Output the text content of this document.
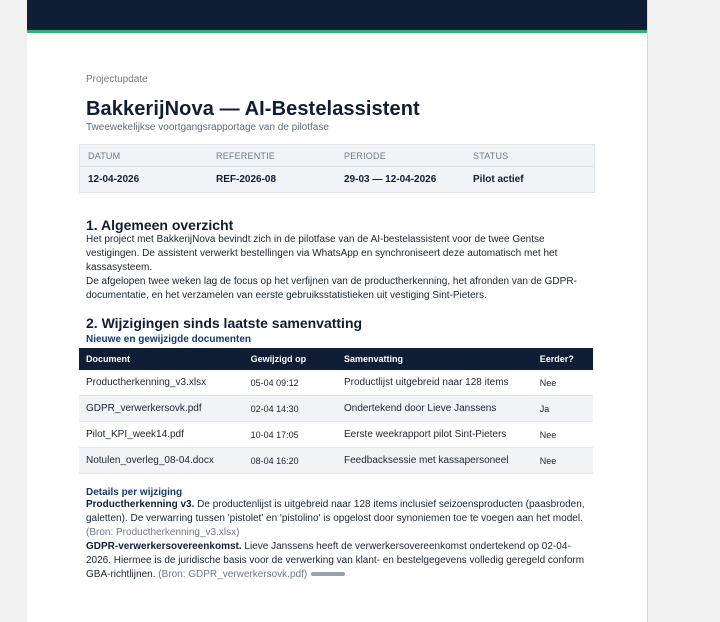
Projectupdate

BakkerijNova — AI-Bestelassistent

Tweewekelijkse voortgangsrapportage van de pilotfase

DATUM	REFERENTIE	PERIODE	STATUS
12-04-2026	REF-2026-08	29-03 — 12-04-2026	Pilot actief
1. Algemeen overzicht

Het project met BakkerijNova bevindt zich in de pilotfase van de AI-bestelassistent voor de twee Gentse vestigingen. De assistent verwerkt bestellingen via WhatsApp en synchroniseert deze automatisch met het kassasysteem.

De afgelopen twee weken lag de focus op het verfijnen van de productherkenning, het afronden van de GDPR-documentatie, en het verzamelen van eerste gebruiksstatistieken uit vestiging Sint-Pieters.

2. Wijzigingen sinds laatste samenvatting
Nieuwe en gewijzigde documenten
Document	Gewijzigd op	Samenvatting	Eerder?
Productherkenning_v3.xlsx	05-04 09:12	Productlijst uitgebreid naar 128 items	Nee
GDPR_verwerkersovk.pdf	02-04 14:30	Ondertekend door Lieve Janssens	Ja
Pilot_KPI_week14.pdf	10-04 17:05	Eerste weekrapport pilot Sint-Pieters	Nee
Notulen_overleg_08-04.docx	08-04 16:20	Feedbacksessie met kassapersoneel	Nee
Details per wijziging

Productherkenning v3. De productenlijst is uitgebreid naar 128 items inclusief seizoensproducten (paasbroden, galetten). De verwarring tussen 'pistolet' en 'pistolino' is opgelost door synoniemen toe te voegen aan het model. (Bron: Productherkenning_v3.xlsx)

GDPR-verwerkersovereenkomst. Lieve Janssens heeft de verwerkersovereenkomst ondertekend op 02-04-2026. Hiermee is de juridische basis voor de verwerking van klant- en bestelgegevens volledig geregeld conform GBA-richtlijnen. (Bron: GDPR_verwerkersovk.pdf)
